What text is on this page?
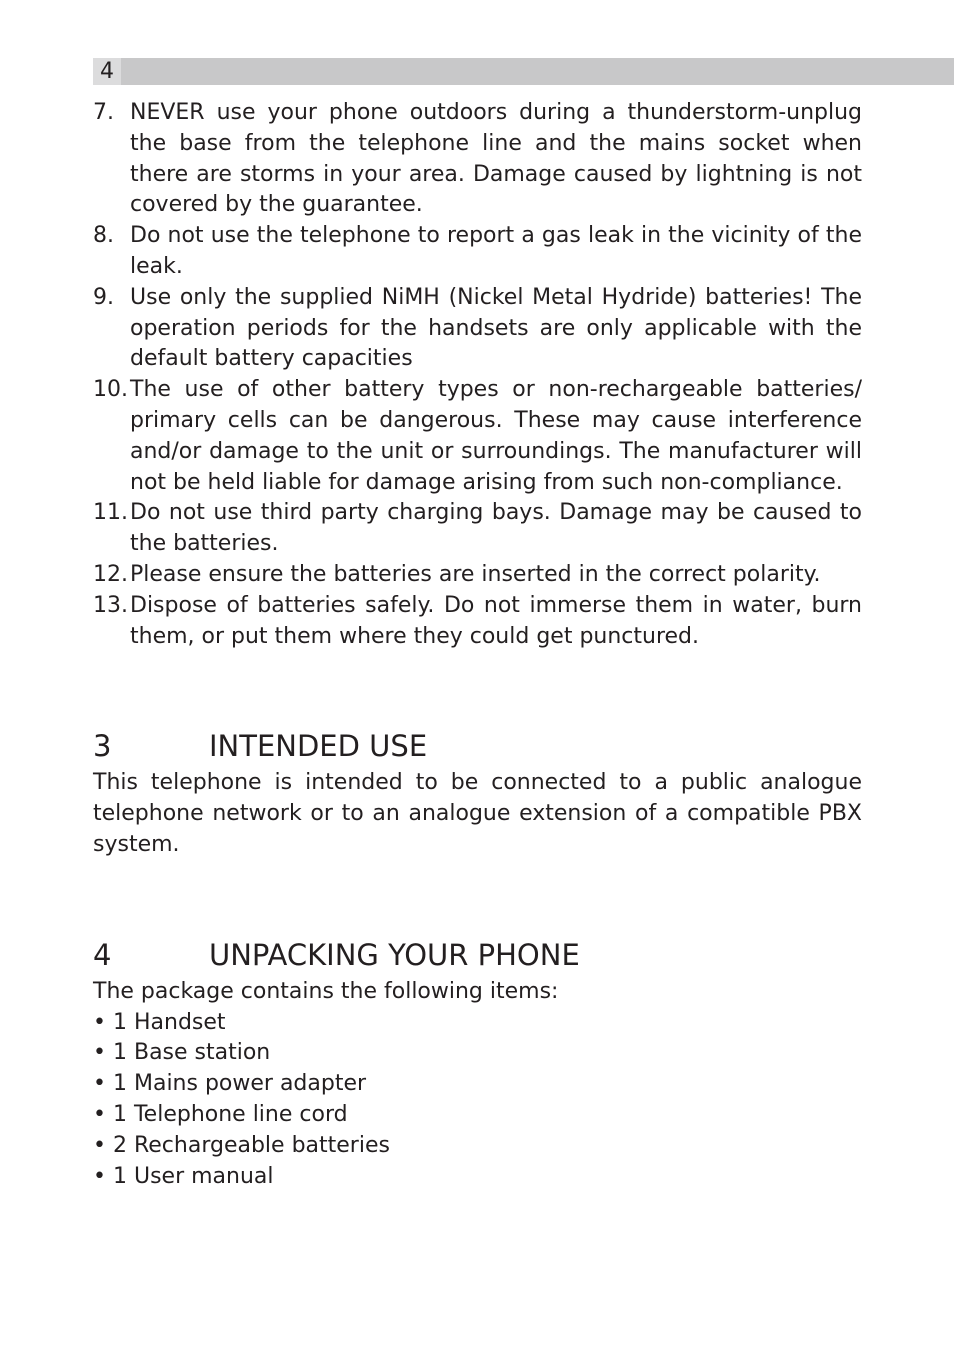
4
7. NEVER use your phone outdoors during a thunderstorm-unplug the base from the telephone line and the mains socket when there are storms in your area. Damage caused by lightning is not covered by the guarantee.
8. Do not use the telephone to report a gas leak in the vicinity of the leak.
9. Use only the supplied NiMH (Nickel Metal Hydride) batteries! The operation periods for the handsets are only applicable with the default battery capacities
10. The use of other battery types or non-rechargeable batteries/ primary cells can be dangerous. These may cause interference and/or damage to the unit or surroundings. The manufacturer will not be held liable for damage arising from such non-compliance.
11. Do not use third party charging bays. Damage may be caused to the batteries.
12. Please ensure the batteries are inserted in the correct polarity.
13. Dispose of batteries safely. Do not immerse them in water, burn them, or put them where they could get punctured.
3	INTENDED USE

This telephone is intended to be connected to a public analogue telephone network or to an analogue extension of a compatible PBX system.

4	UNPACKING YOUR PHONE

The package contains the following items:

• 1 Handset
• 1 Base station
• 1 Mains power adapter
• 1 Telephone line cord
• 2 Rechargeable batteries
• 1 User manual
